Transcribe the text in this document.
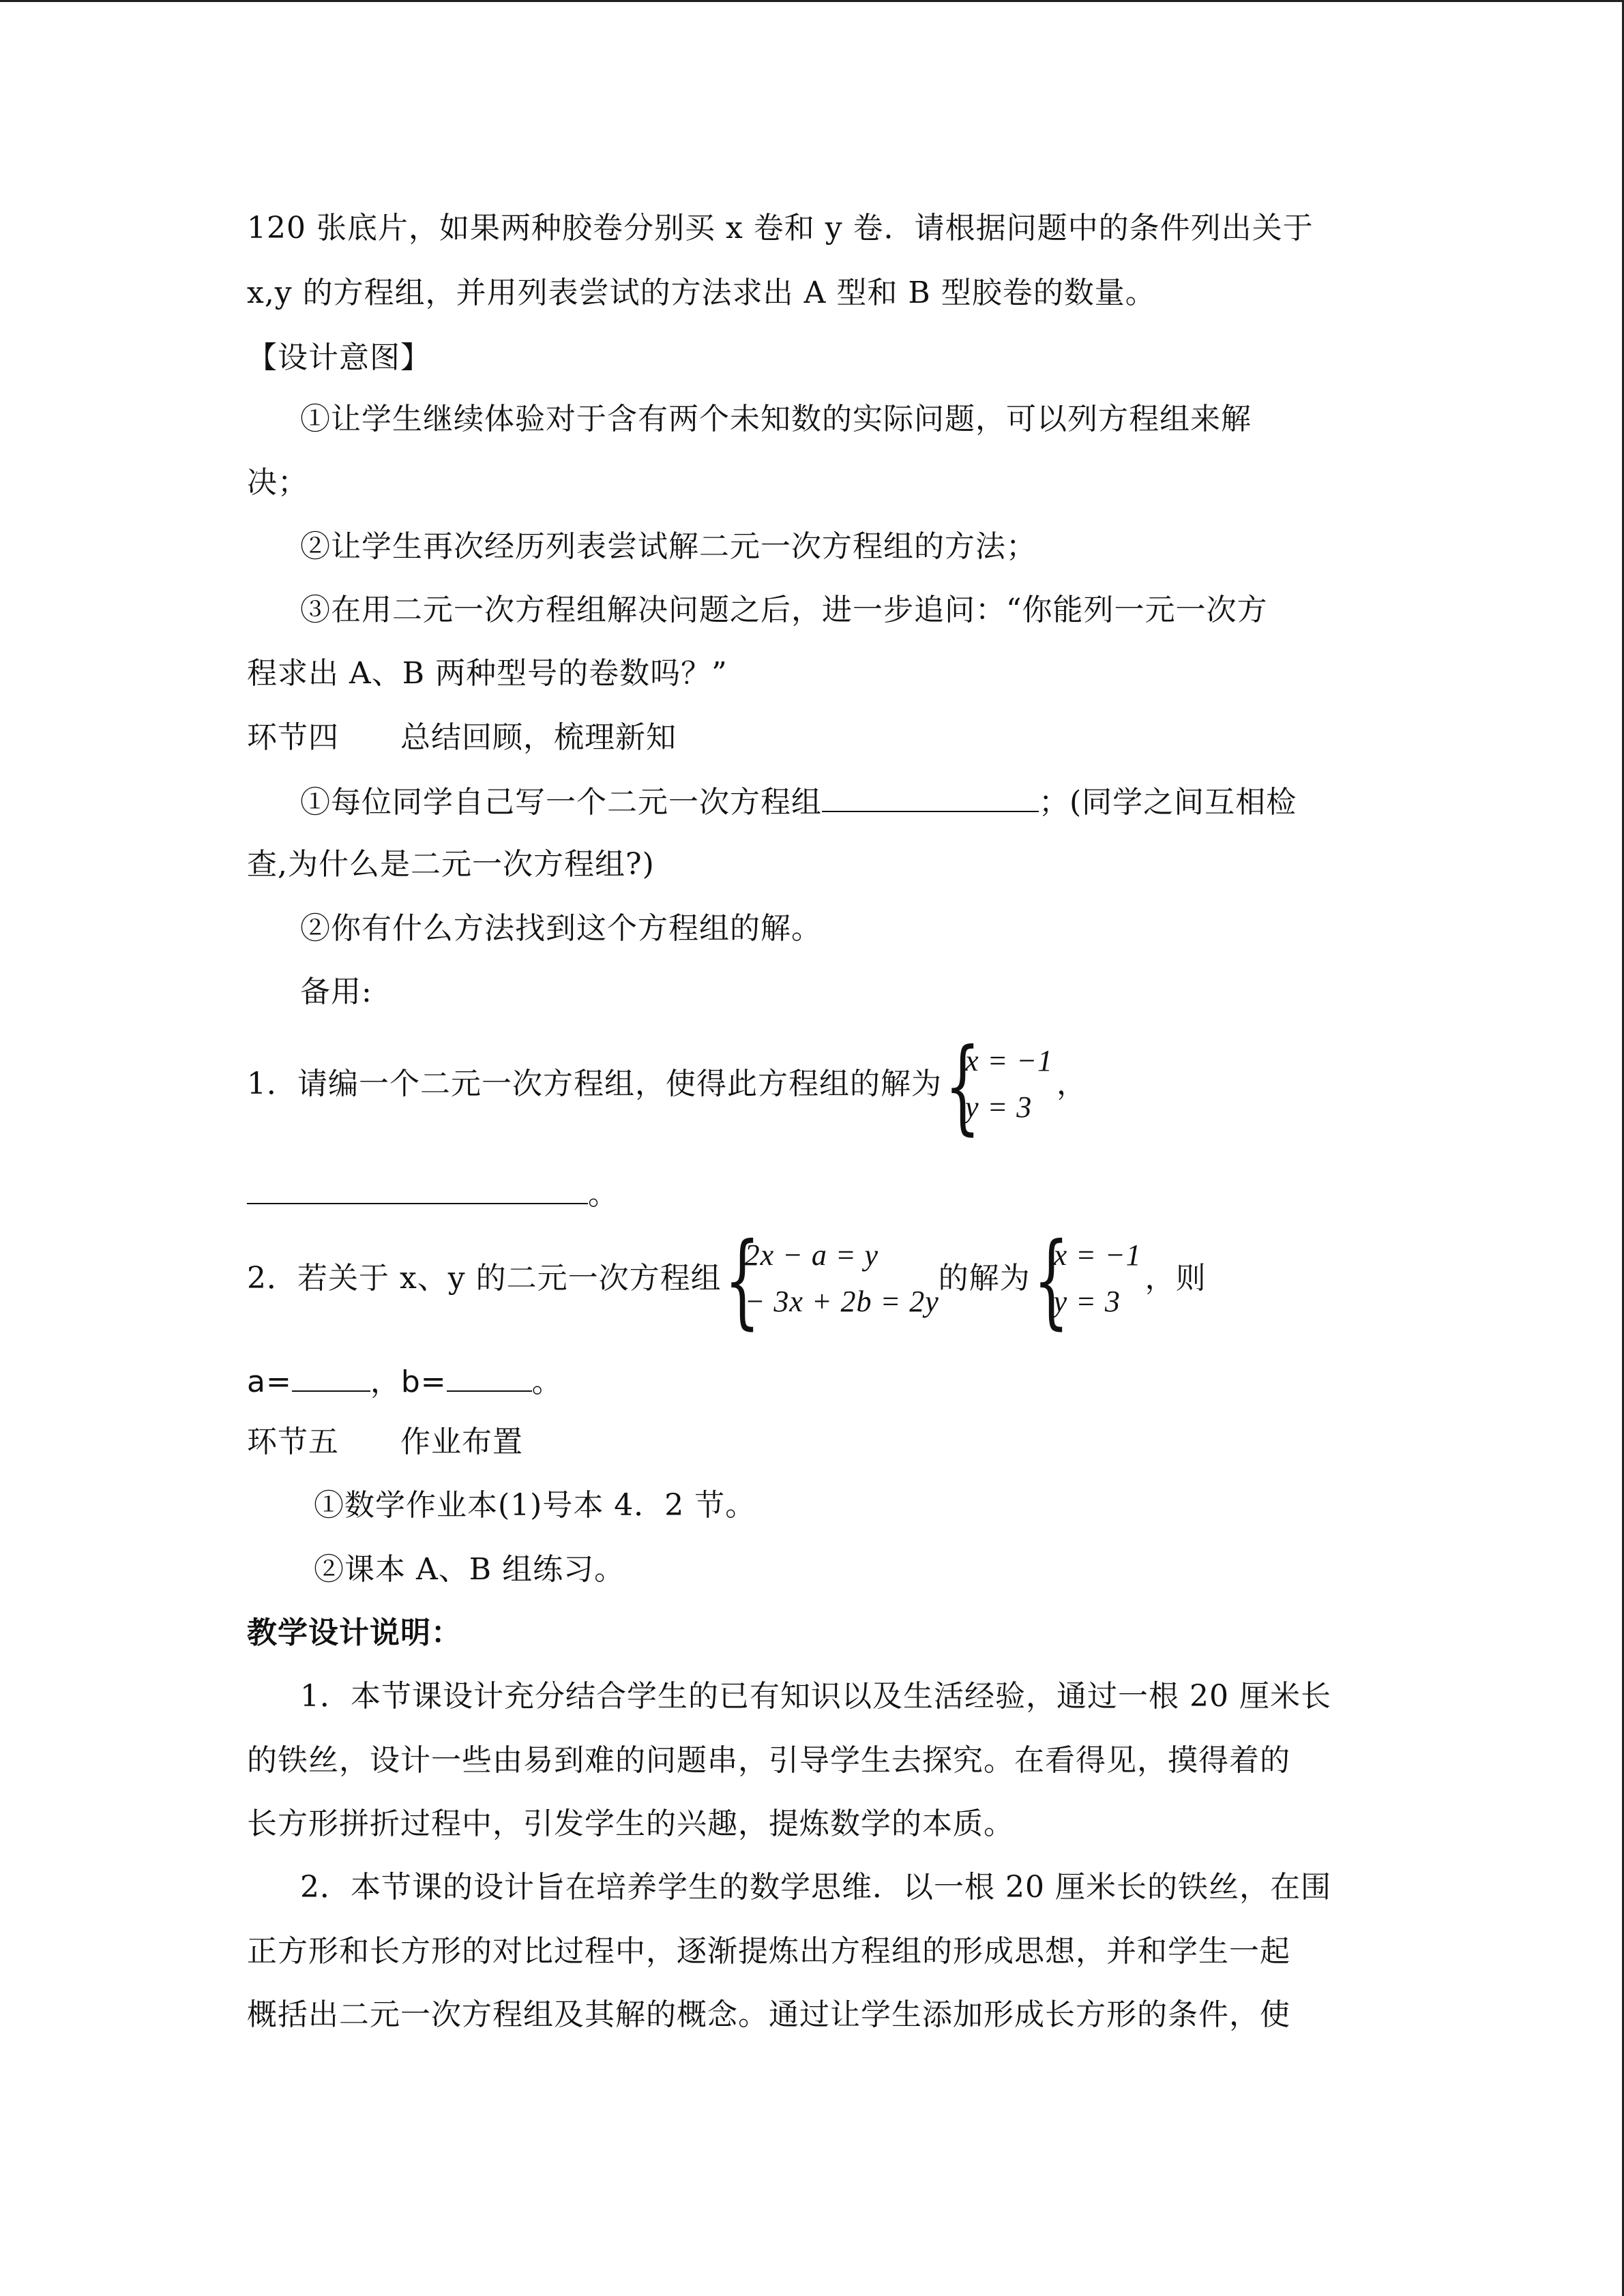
120 张底片，如果两种胶卷分别买 x 卷和 y 卷．请根据问题中的条件列出关于
x,y 的方程组，并用列表尝试的方法求出 A 型和 B 型胶卷的数量。
【设计意图】
①让学生继续体验对于含有两个未知数的实际问题，可以列方程组来解
决；
②让学生再次经历列表尝试解二元一次方程组的方法；
③在用二元一次方程组解决问题之后，进一步追问：“你能列一元一次方
程求出 A、B 两种型号的卷数吗？”
环节四　　总结回顾，梳理新知
①每位同学自己写一个二元一次方程组	；(同学之间互相检
查,为什么是二元一次方程组?)
②你有什么方法找到这个方程组的解。
备用:
1．请编一个二元一次方程组，使得此方程组的解为 {
x = −1
y = 3
，
。
2．若关于 x、y 的二元一次方程组 {
2x − a = y
− 3x + 2b = 2y
的解为 {
x = −1
y = 3
，则
a=	，b=	。
环节五　　作业布置
①数学作业本(1)号本 4．2 节。
②课本 A、B 组练习。
教学设计说明：
1．本节课设计充分结合学生的已有知识以及生活经验，通过一根 20 厘米长
的铁丝，设计一些由易到难的问题串，引导学生去探究。在看得见，摸得着的
长方形拼折过程中，引发学生的兴趣，提炼数学的本质。
2．本节课的设计旨在培养学生的数学思维．以一根 20 厘米长的铁丝，在围
正方形和长方形的对比过程中，逐渐提炼出方程组的形成思想，并和学生一起
概括出二元一次方程组及其解的概念。通过让学生添加形成长方形的条件，使
